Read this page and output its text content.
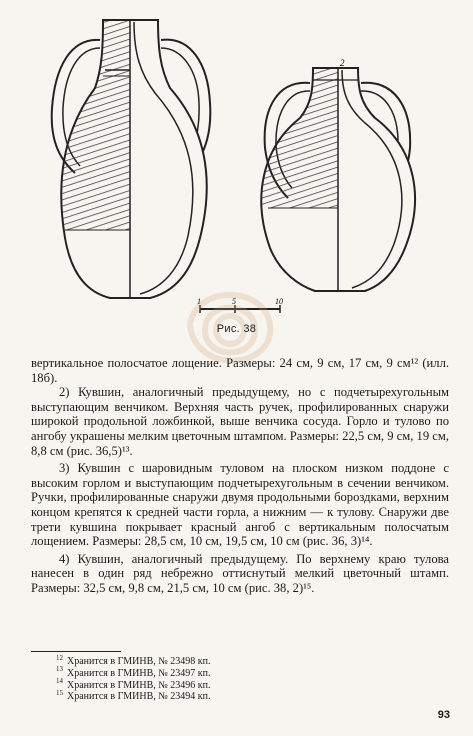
2
1	5	10
Рис. 38

вертикальное полосчатое лощение. Размеры: 24 см, 9 см, 17 см, 9 см¹² (илл. 18б).

2) Кувшин, аналогичный предыдущему, но с подчетырехугольным выступающим венчиком. Верхняя часть ручек, профилированных снаружи широкой продольной ложбинкой, выше венчика сосуда. Горло и тулово по ангобу украшены мелким цветочным штампом. Размеры: 22,5 см, 9 см, 19 см, 8,8 см (рис. 36,5)¹³.

3) Кувшин с шаровидным туловом на плоском низком поддоне с высоким горлом и выступающим подчетырехугольным в сечении венчиком. Ручки, профилированные снаружи двумя продольными бороздками, верхним концом крепятся к средней части горла, а нижним — к тулову. Снаружи две трети кувшина покрывает красный ангоб с вертикальным полосчатым лощением. Размеры: 28,5 см, 10 см, 19,5 см, 10 см (рис. 36, 3)¹⁴.

4) Кувшин, аналогичный предыдущему. По верхнему краю тулова нанесен в один ряд небрежно оттиснутый мелкий цветочный штамп. Размеры: 32,5 см, 9,8 см, 21,5 см, 10 см (рис. 38, 2)¹⁵.

$^{12}$ Хранится в ГМИНВ, № 23498 кп.
$^{13}$ Хранится в ГМИНВ, № 23497 кп.
$^{14}$ Хранится в ГМИНВ, № 23496 кп.
$^{15}$ Хранится в ГМИНВ, № 23494 кп.
93
